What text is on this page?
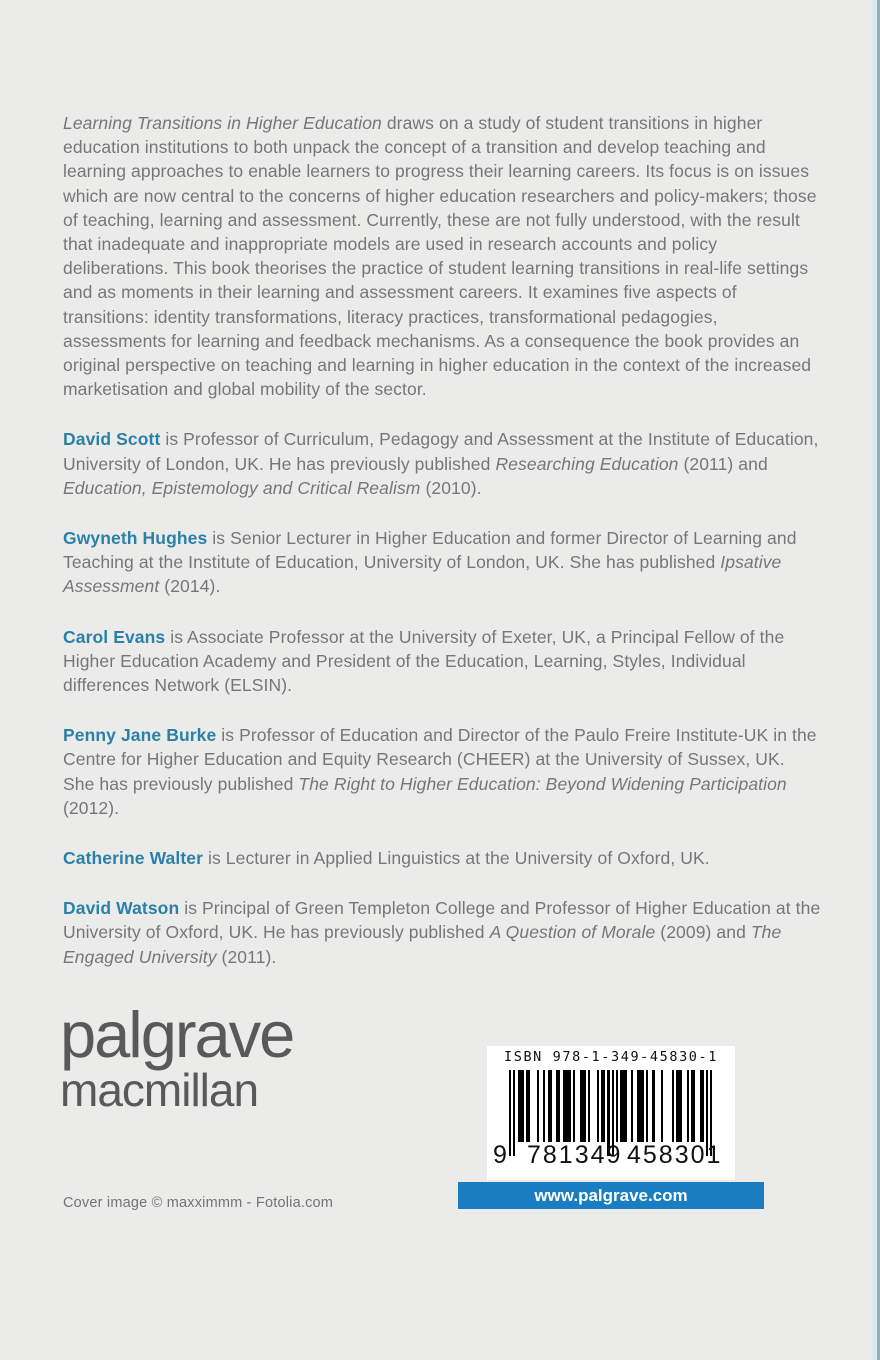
Learning Transitions in Higher Education draws on a study of student transitions in higher education institutions to both unpack the concept of a transition and develop teaching and learning approaches to enable learners to progress their learning careers. Its focus is on issues which are now central to the concerns of higher education researchers and policy-makers; those of teaching, learning and assessment. Currently, these are not fully understood, with the result that inadequate and inappropriate models are used in research accounts and policy deliberations. This book theorises the practice of student learning transitions in real-life settings and as moments in their learning and assessment careers. It examines five aspects of transitions: identity transformations, literacy practices, transformational pedagogies, assessments for learning and feedback mechanisms. As a consequence the book provides an original perspective on teaching and learning in higher education in the context of the increased marketisation and global mobility of the sector.

David Scott is Professor of Curriculum, Pedagogy and Assessment at the Institute of Education, University of London, UK. He has previously published Researching Education (2011) and Education, Epistemology and Critical Realism (2010).

Gwyneth Hughes is Senior Lecturer in Higher Education and former Director of Learning and Teaching at the Institute of Education, University of London, UK. She has published Ipsative Assessment (2014).

Carol Evans is Associate Professor at the University of Exeter, UK, a Principal Fellow of the Higher Education Academy and President of the Education, Learning, Styles, Individual differences Network (ELSIN).

Penny Jane Burke is Professor of Education and Director of the Paulo Freire Institute-UK in the Centre for Higher Education and Equity Research (CHEER) at the University of Sussex, UK. She has previously published The Right to Higher Education: Beyond Widening Participation (2012).

Catherine Walter is Lecturer in Applied Linguistics at the University of Oxford, UK.

David Watson is Principal of Green Templeton College and Professor of Higher Education at the University of Oxford, UK. He has previously published A Question of Morale (2009) and The Engaged University (2011).

palgrave
macmillan
ISBN 978-1-349-45830-1
9 781349 458301
www.palgrave.com
Cover image © maxximmm - Fotolia.com
